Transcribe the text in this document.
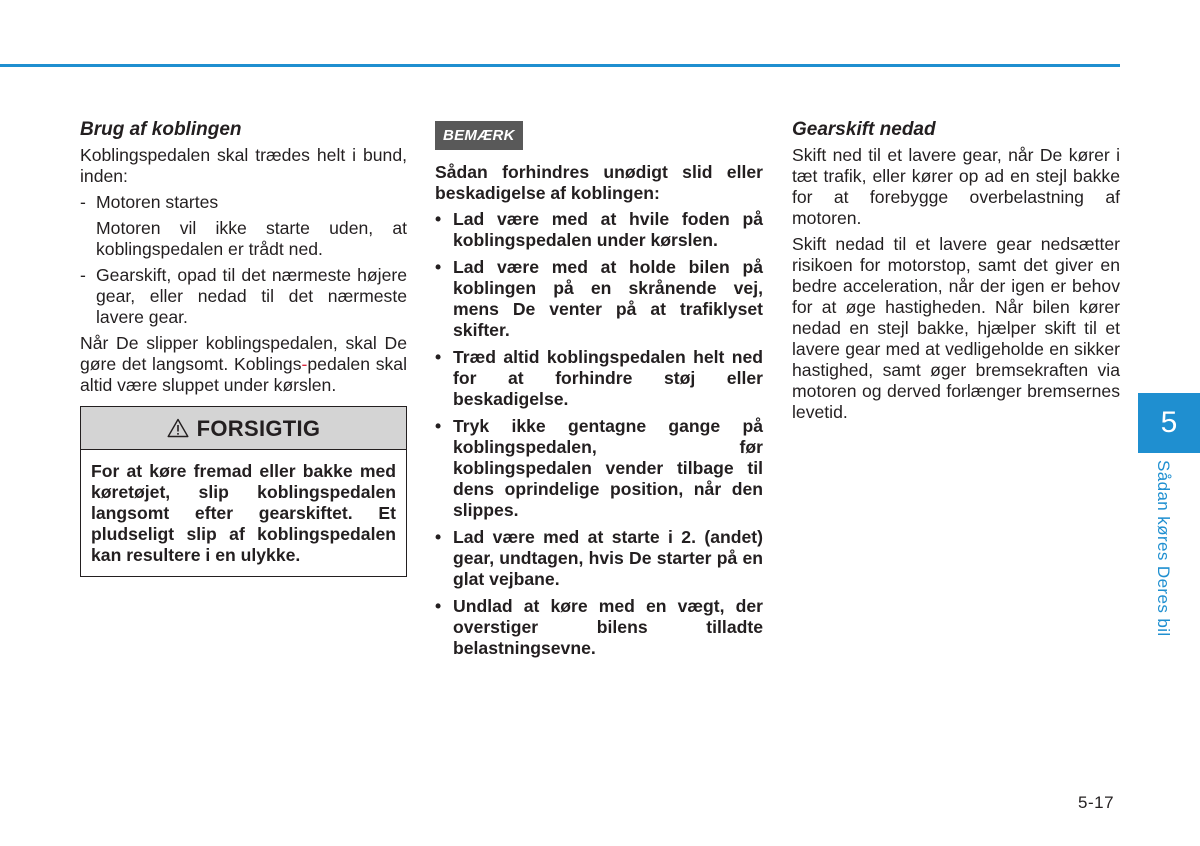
Brug af koblingen

Koblingspedalen skal trædes helt i bund, inden:

- Motoren startes
Motoren vil ikke starte uden, at koblingspedalen er trådt ned.
- Gearskift, opad til det nærmeste højere gear, eller nedad til det nærmeste lavere gear.

Når De slipper koblingspedalen, skal De gøre det langsomt. Koblings-pedalen skal altid være sluppet under kørslen.

FORSIGTIG
For at køre fremad eller bakke med køretøjet, slip koblingspedalen langsomt efter gearskiftet. Et pludseligt slip af koblingspedalen kan resultere i en ulykke.
BEMÆRK
Sådan forhindres unødigt slid eller beskadigelse af koblingen:
• Lad være med at hvile foden på koblingspedalen under kørslen.
• Lad være med at holde bilen på koblingen på en skrånende vej, mens De venter på at trafiklyset skifter.
• Træd altid koblingspedalen helt ned for at forhindre støj eller beskadigelse.
• Tryk ikke gentagne gange på koblingspedalen, før koblingspedalen vender tilbage til dens oprindelige position, når den slippes.
• Lad være med at starte i 2. (andet) gear, undtagen, hvis De starter på en glat vejbane.
• Undlad at køre med en vægt, der overstiger bilens tilladte belastningsevne.
Gearskift nedad

Skift ned til et lavere gear, når De kører i tæt trafik, eller kører op ad en stejl bakke for at forebygge overbelastning af motoren.

Skift nedad til et lavere gear nedsætter risikoen for motorstop, samt det giver en bedre acceleration, når der igen er behov for at øge hastigheden. Når bilen kører nedad en stejl bakke, hjælper skift til et lavere gear med at vedligeholde en sikker hastighed, samt øger bremsekraften via motoren og derved forlænger bremsernes levetid.	5
Sådan køres Deres bil
5-17
